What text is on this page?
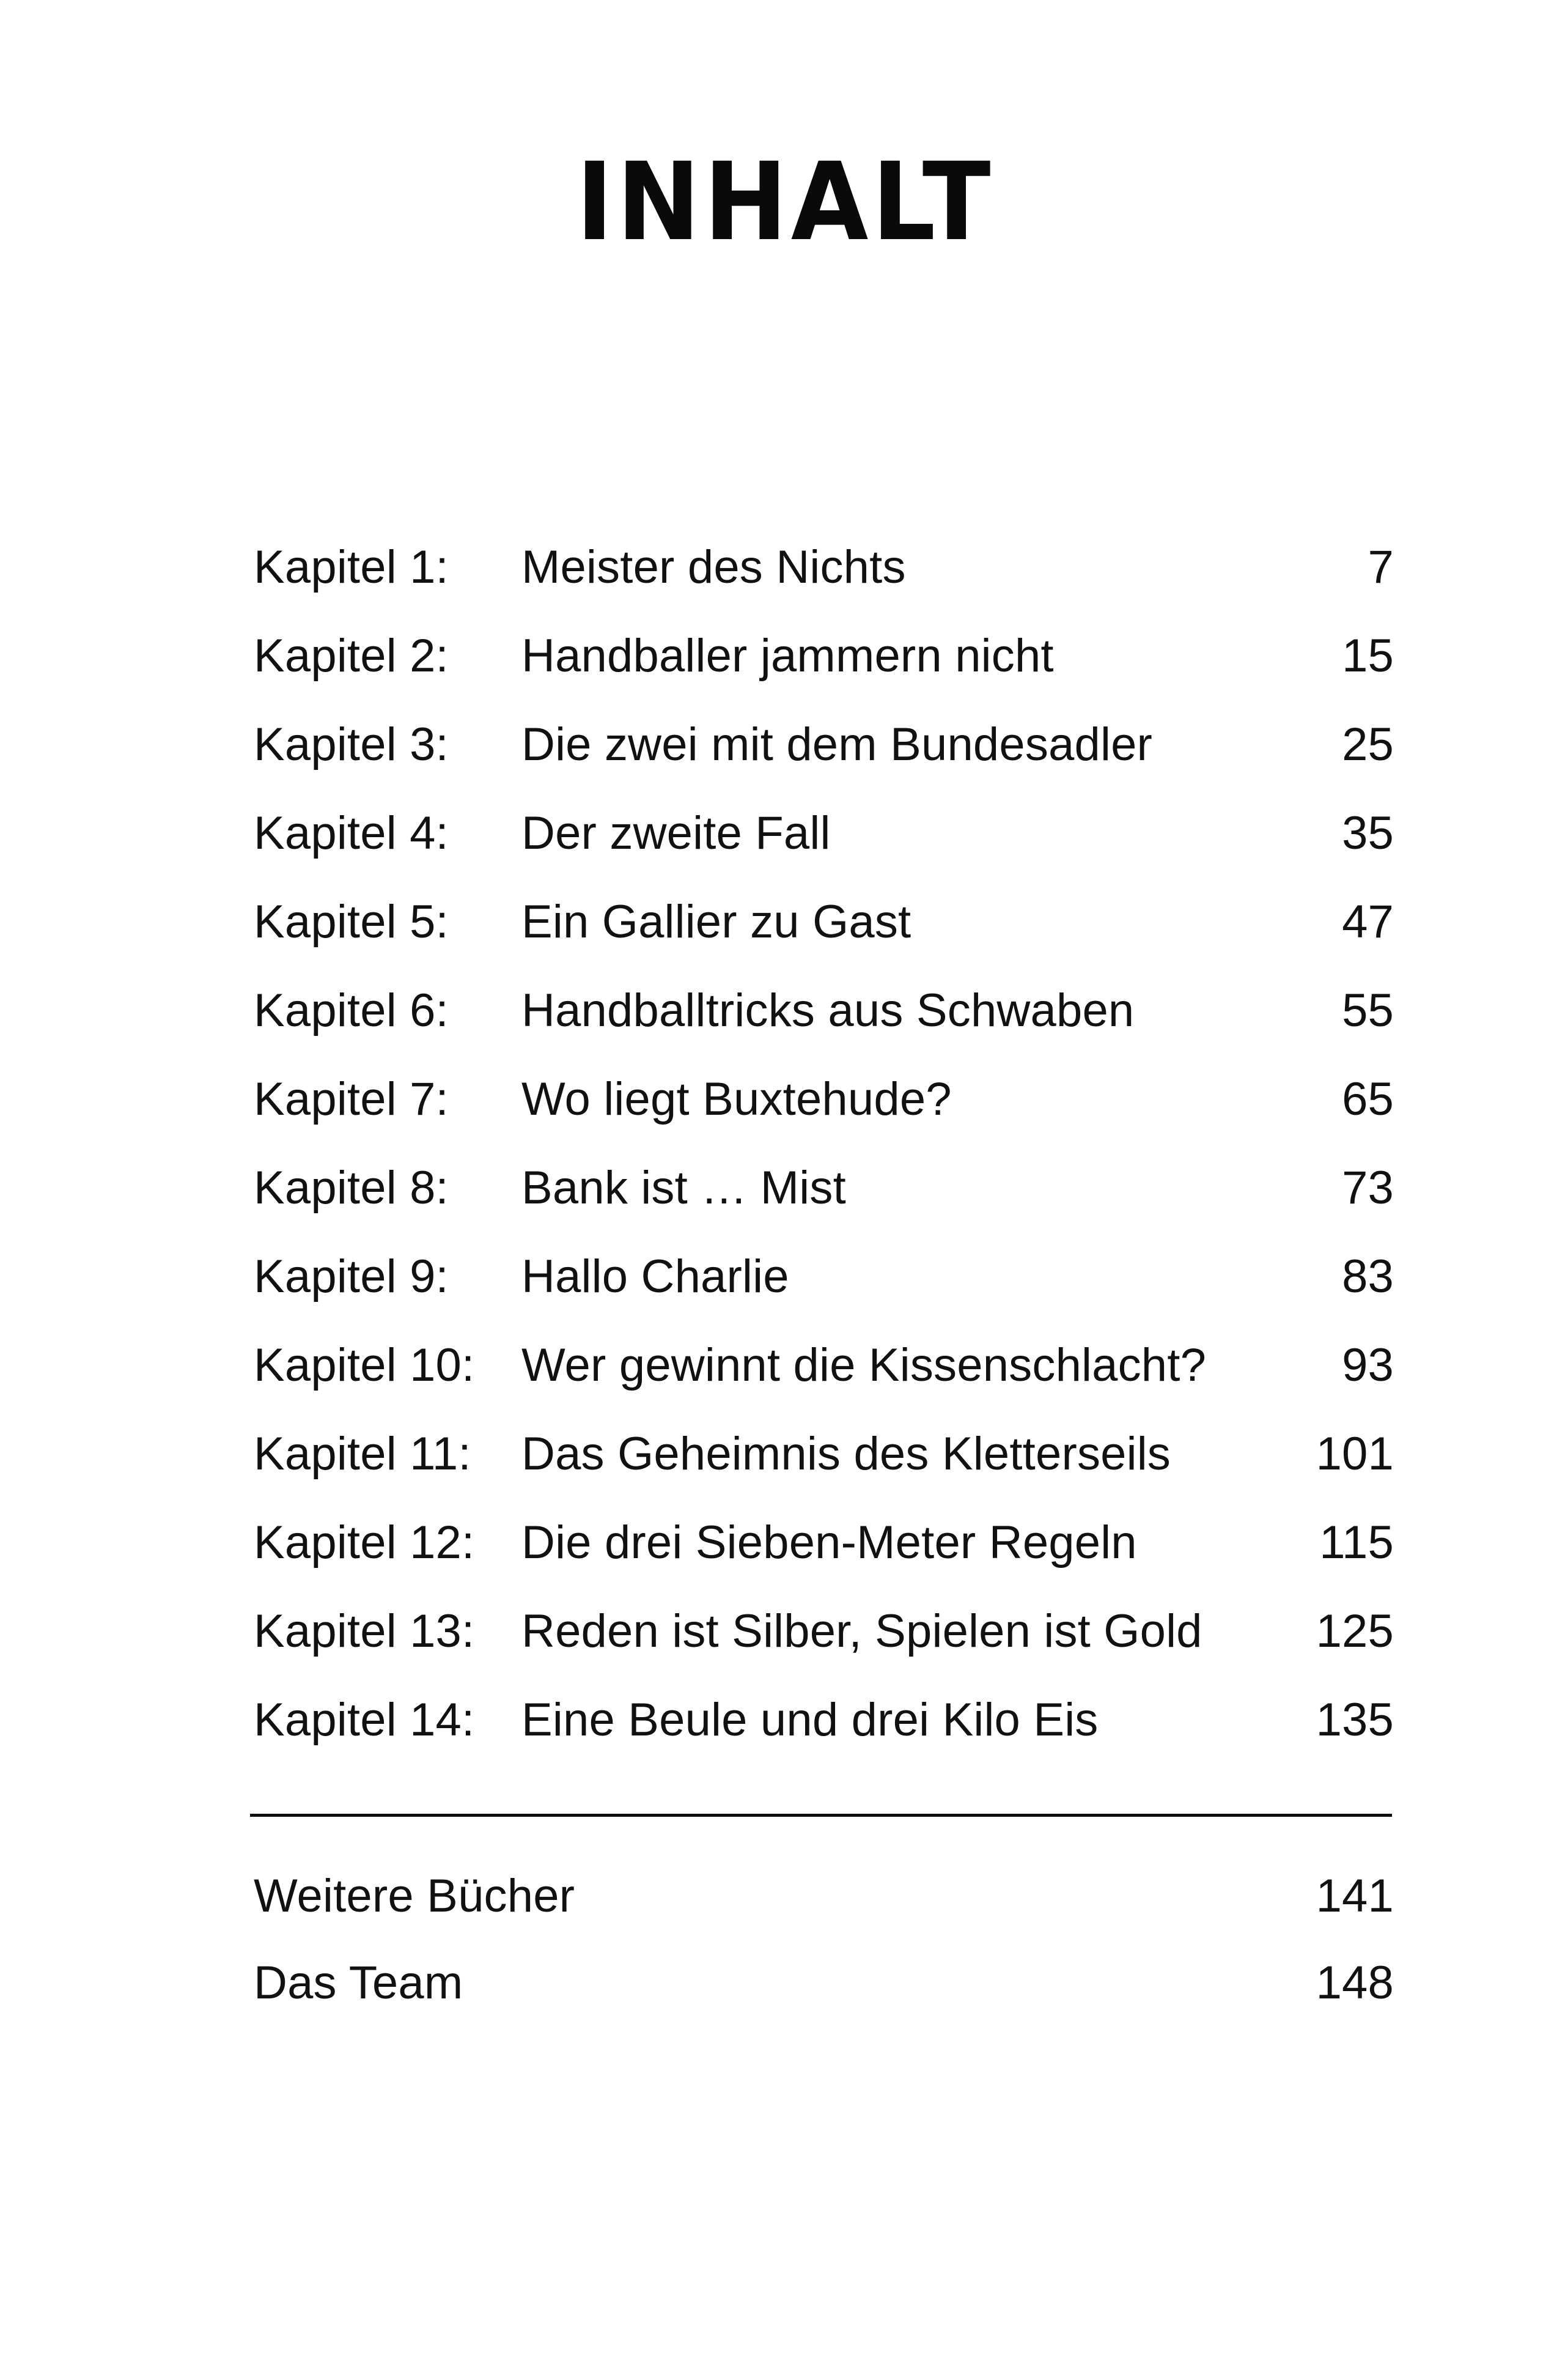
INHALT
Kapitel 1:	Meister des Nichts	7
Kapitel 2:	Handballer jammern nicht	15
Kapitel 3:	Die zwei mit dem Bundesadler	25
Kapitel 4:	Der zweite Fall	35
Kapitel 5:	Ein Gallier zu Gast	47
Kapitel 6:	Handballtricks aus Schwaben	55
Kapitel 7:	Wo liegt Buxtehude?	65
Kapitel 8:	Bank ist … Mist	73
Kapitel 9:	Hallo Charlie	83
Kapitel 10:	Wer gewinnt die Kissenschlacht?	93
Kapitel 11:	Das Geheimnis des Kletterseils	101
Kapitel 12:	Die drei Sieben-Meter Regeln	115
Kapitel 13:	Reden ist Silber, Spielen ist Gold	125
Kapitel 14:	Eine Beule und drei Kilo Eis	135
Weitere Bücher	141
Das Team	148
